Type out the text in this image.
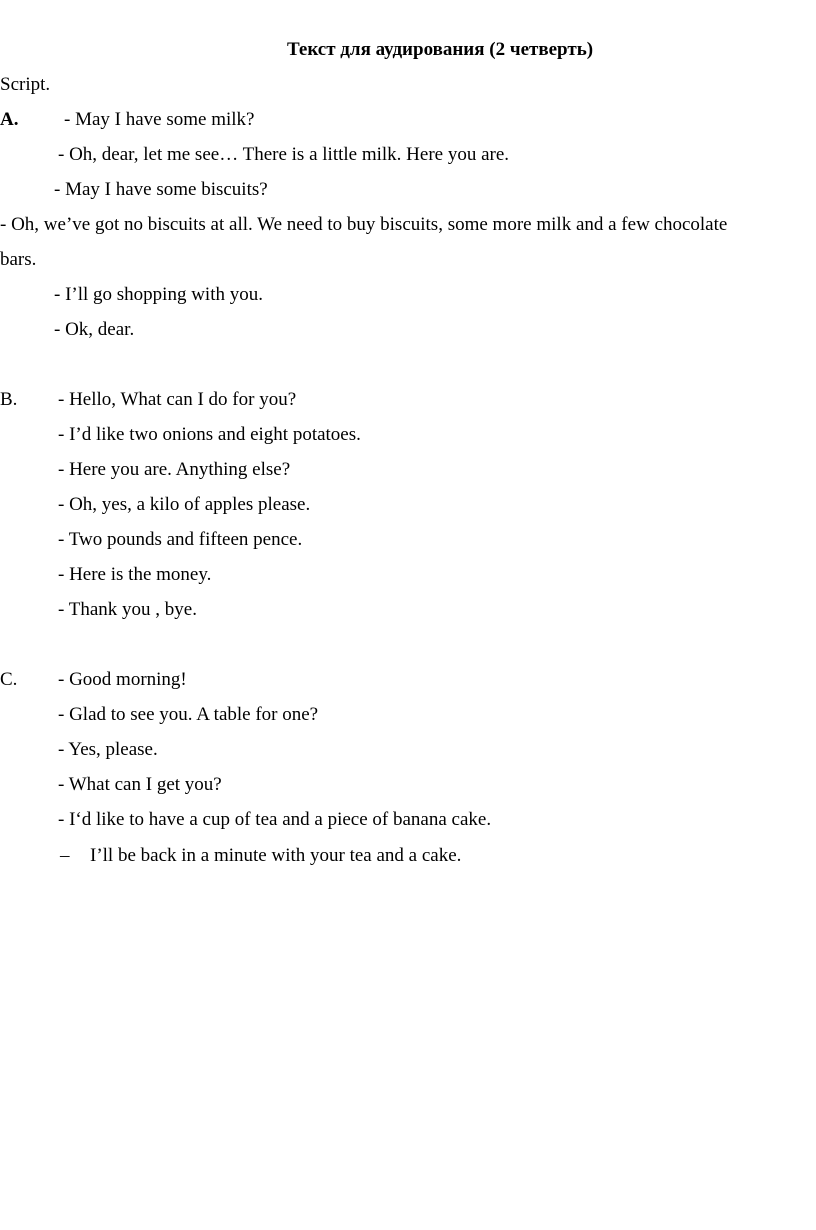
Текст для аудирования (2 четверть)
Script.
A. - May I have some milk?
- Oh, dear, let me see… There is a little milk. Here you are.
- May I have some biscuits?
- Oh, we’ve got no biscuits at all. We need to buy biscuits, some more milk and a few chocolate
bars.
- I’ll go shopping with you.
- Ok, dear.
B. - Hello, What can I do for you?
- I’d like two onions and eight potatoes.
- Here you are. Anything else?
- Oh, yes, a kilo of apples please.
- Two pounds and fifteen pence.
- Here is the money.
- Thank you , bye.
C. - Good morning!
- Glad to see you. A table for one?
- Yes, please.
- What can I get you?
- I‘d like to have a cup of tea and a piece of banana cake.
– I’ll be back in a minute with your tea and a cake.
